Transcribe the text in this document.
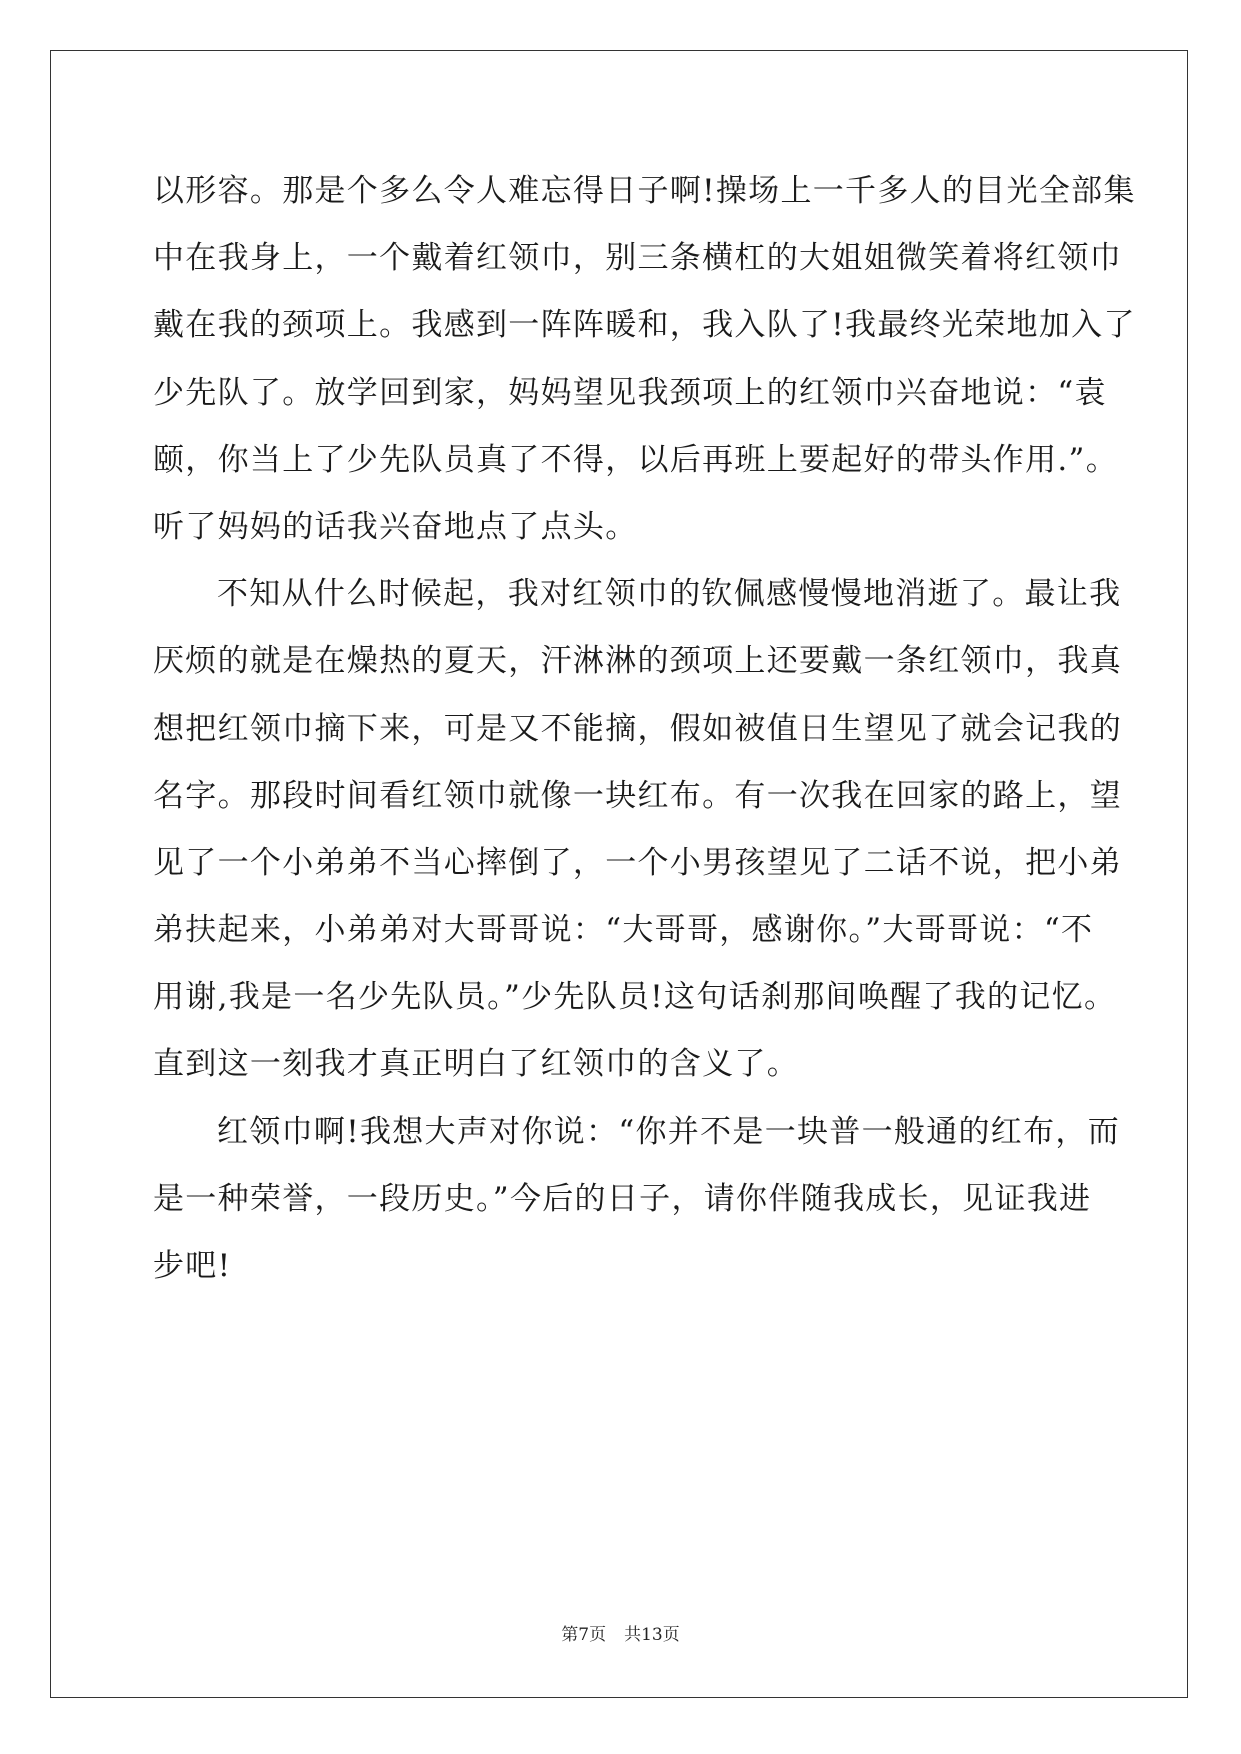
以形容。那是个多么令人难忘得日子啊!操场上一千多人的目光全部集
中在我身上，一个戴着红领巾，别三条横杠的大姐姐微笑着将红领巾
戴在我的颈项上。我感到一阵阵暖和，我入队了!我最终光荣地加入了
少先队了。放学回到家，妈妈望见我颈项上的红领巾兴奋地说：“袁
颐，你当上了少先队员真了不得，以后再班上要起好的带头作用.”。
听了妈妈的话我兴奋地点了点头。
不知从什么时候起，我对红领巾的钦佩感慢慢地消逝了。最让我
厌烦的就是在燥热的夏天，汗淋淋的颈项上还要戴一条红领巾，我真
想把红领巾摘下来，可是又不能摘，假如被值日生望见了就会记我的
名字。那段时间看红领巾就像一块红布。有一次我在回家的路上，望
见了一个小弟弟不当心摔倒了，一个小男孩望见了二话不说，把小弟
弟扶起来，小弟弟对大哥哥说：“大哥哥，感谢你。”大哥哥说：“不
用谢,我是一名少先队员。”少先队员!这句话刹那间唤醒了我的记忆。
直到这一刻我才真正明白了红领巾的含义了。
红领巾啊!我想大声对你说：“你并不是一块普一般通的红布，而
是一种荣誉，一段历史。”今后的日子，请你伴随我成长，见证我进
步吧!
第7页 共13页
